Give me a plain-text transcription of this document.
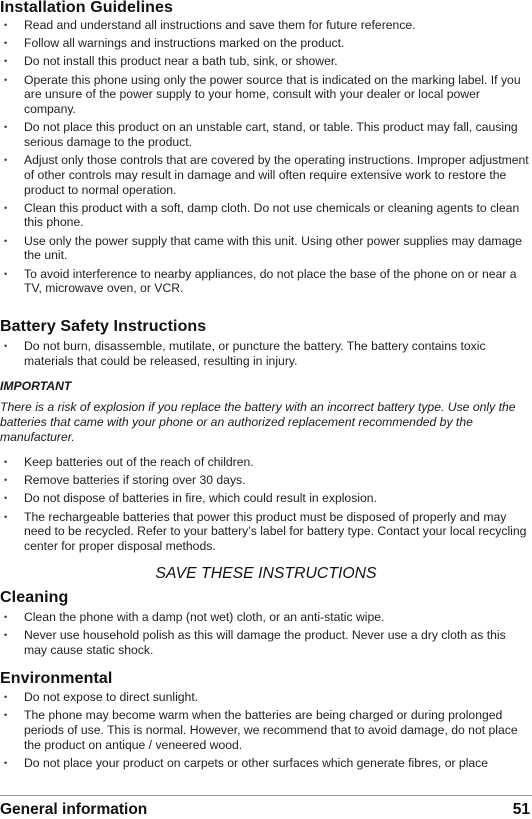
Installation Guidelines
• Read and understand all instructions and save them for future reference.
• Follow all warnings and instructions marked on the product.
• Do not install this product near a bath tub, sink, or shower.
• Operate this phone using only the power source that is indicated on the marking label. If you are unsure of the power supply to your home, consult with your dealer or local power company.
• Do not place this product on an unstable cart, stand, or table. This product may fall, causing serious damage to the product.
• Adjust only those controls that are covered by the operating instructions. Improper adjustment of other controls may result in damage and will often require extensive work to restore the product to normal operation.
• Clean this product with a soft, damp cloth. Do not use chemicals or cleaning agents to clean this phone.
• Use only the power supply that came with this unit. Using other power supplies may damage the unit.
• To avoid interference to nearby appliances, do not place the base of the phone on or near a TV, microwave oven, or VCR.
Battery Safety Instructions
• Do not burn, disassemble, mutilate, or puncture the battery. The battery contains toxic materials that could be released, resulting in injury.

IMPORTANT

There is a risk of explosion if you replace the battery with an incorrect battery type. Use only the batteries that came with your phone or an authorized replacement recommended by the manufacturer.

• Keep batteries out of the reach of children.
• Remove batteries if storing over 30 days.
• Do not dispose of batteries in fire, which could result in explosion.
• The rechargeable batteries that power this product must be disposed of properly and may need to be recycled. Refer to your battery’s label for battery type. Contact your local recycling center for proper disposal methods.

SAVE THESE INSTRUCTIONS

Cleaning
• Clean the phone with a damp (not wet) cloth, or an anti-static wipe.
• Never use household polish as this will damage the product. Never use a dry cloth as this may cause static shock.
Environmental
• Do not expose to direct sunlight.
• The phone may become warm when the batteries are being charged or during prolonged periods of use. This is normal. However, we recommend that to avoid damage, do not place the product on antique / veneered wood.
• Do not place your product on carpets or other surfaces which generate fibres, or place
General information	51
